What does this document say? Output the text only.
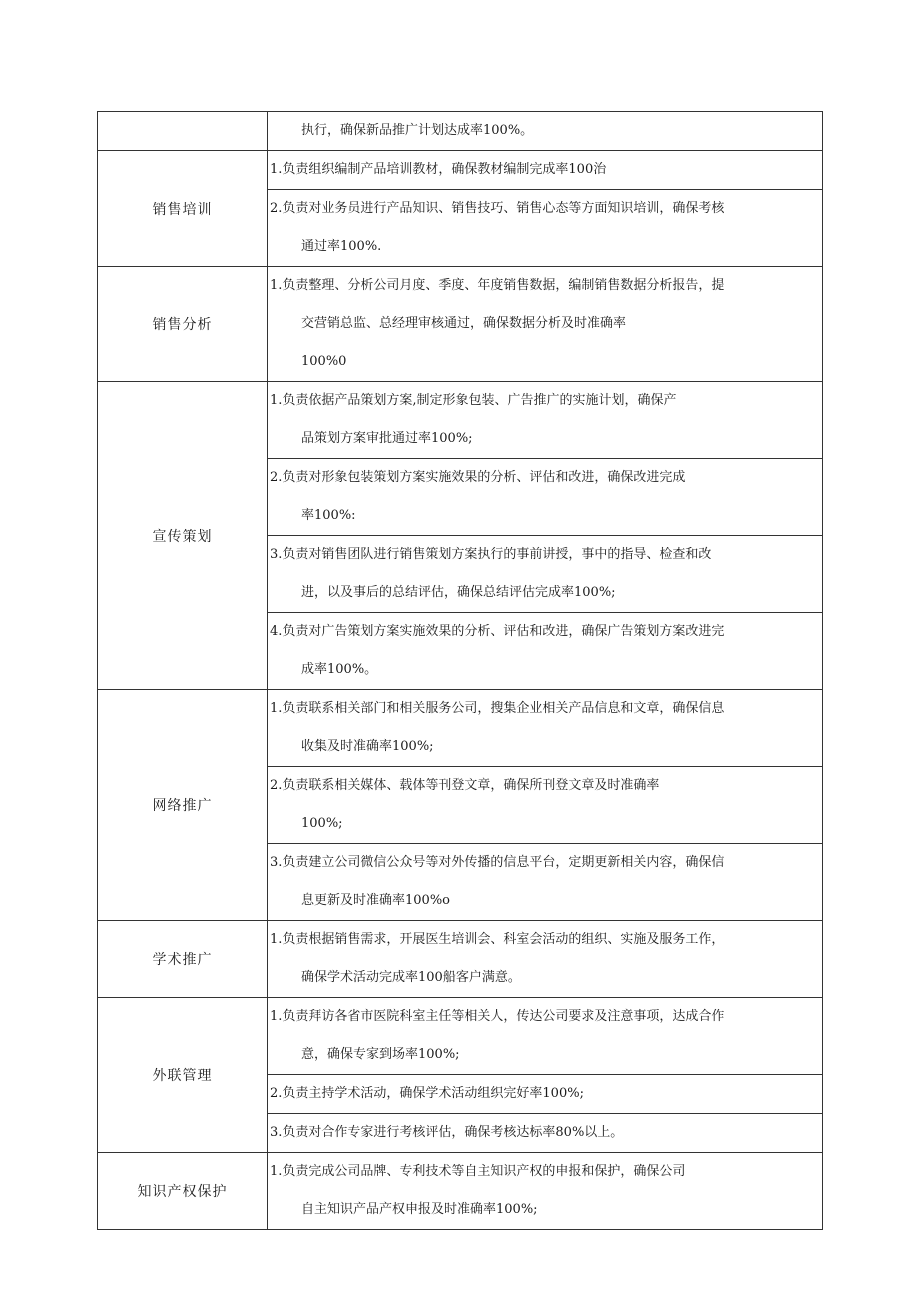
	执行，确保新品推广计划达成率100%。

销售培训	1.负责组织编制产品培训教材，确保教材编制完成率100治

	2.负责对业务员进行产品知识、销售技巧、销售心态等方面知识培训，确保考核
通过率100%.

销售分析	1.负责整理、分析公司月度、季度、年度销售数据，编制销售数据分析报告，提
交营销总监、总经理审核通过，确保数据分析及时准确率
100%0

宣传策划	1.负责依据产品策划方案,制定形象包装、广告推广的实施计划，确保产
品策划方案审批通过率100%;

	2.负责对形象包装策划方案实施效果的分析、评估和改进，确保改进完成
率100%:

	3.负责对销售团队进行销售策划方案执行的事前讲授，事中的指导、检查和改
进，以及事后的总结评估，确保总结评估完成率100%;

	4.负责对广告策划方案实施效果的分析、评估和改进，确保广告策划方案改进完
成率100%。

网络推广	1.负责联系相关部门和相关服务公司，搜集企业相关产品信息和文章，确保信息
收集及时准确率100%;

	2.负责联系相关媒体、载体等刊登文章，确保所刊登文章及时准确率
100%;

	3.负责建立公司微信公众号等对外传播的信息平台，定期更新相关内容，确保信
息更新及时准确率100%o

学术推广	1.负责根据销售需求，开展医生培训会、科室会活动的组织、实施及服务工作，
确保学术活动完成率100船客户满意。

外联管理	1.负责拜访各省市医院科室主任等相关人，传达公司要求及注意事项，达成合作
意，确保专家到场率100%;

	2.负责主持学术活动，确保学术活动组织完好率100%;

	3.负责对合作专家进行考核评估，确保考核达标率80%以上。

知识产权保护	1.负责完成公司品牌、专利技术等自主知识产权的申报和保护，确保公司
自主知识产品产权申报及时准确率100%;
